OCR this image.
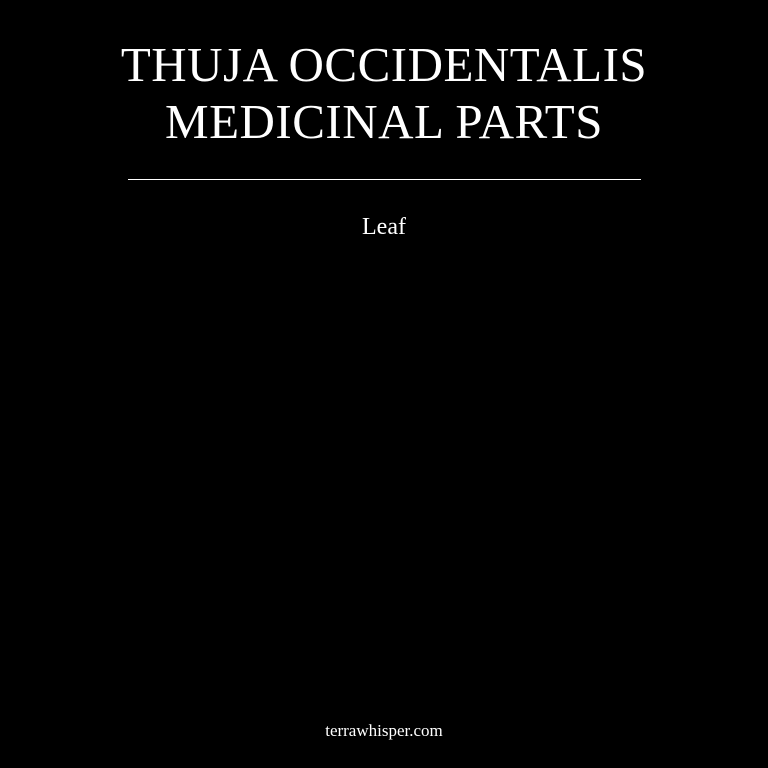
THUJA OCCIDENTALIS
MEDICINAL PARTS
Leaf
terrawhisper.com
